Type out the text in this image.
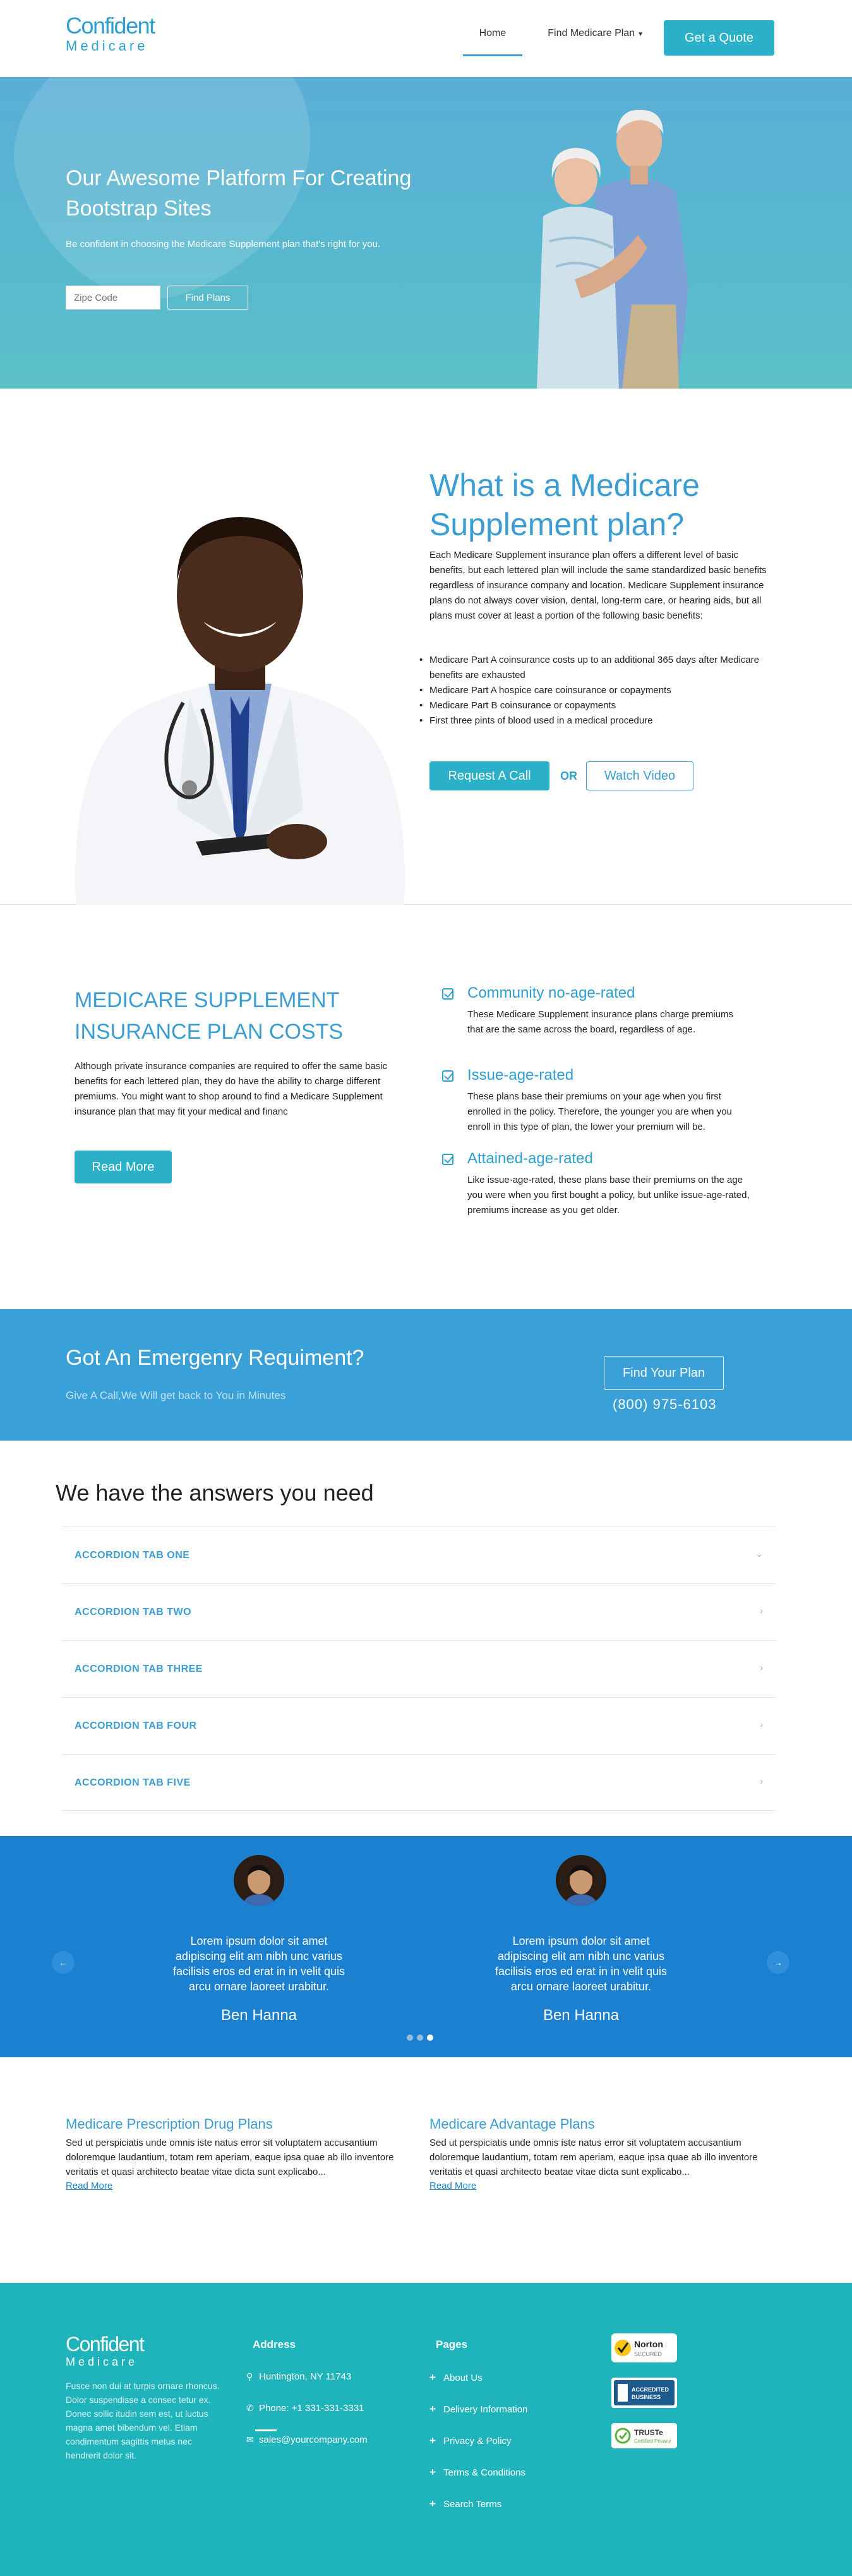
Confident
Medicare
Home	Find Medicare Plan ▼	Get a Quote
Our Awesome Platform For Creating Bootstrap Sites

Be confident in choosing the Medicare Supplement plan that's right for you.

Zipe Code
Find Plans
What is a Medicare Supplement plan?

Each Medicare Supplement insurance plan offers a different level of basic benefits, but each lettered plan will include the same standardized basic benefits regardless of insurance company and location. Medicare Supplement insurance plans do not always cover vision, dental, long-term care, or hearing aids, but all plans must cover at least a portion of the following basic benefits:

• Medicare Part A coinsurance costs up to an additional 365 days after Medicare benefits are exhausted
• Medicare Part A hospice care coinsurance or copayments
• Medicare Part B coinsurance or copayments
• First three pints of blood used in a medical procedure
Request A Call	OR	Watch Video
MEDICARE SUPPLEMENT INSURANCE PLAN COSTS

Although private insurance companies are required to offer the same basic benefits for each lettered plan, they do have the ability to charge different premiums. You might want to shop around to find a Medicare Supplement insurance plan that may fit your medical and financ

Read More
Community no-age-rated

These Medicare Supplement insurance plans charge premiums that are the same across the board, regardless of age.

Issue-age-rated

These plans base their premiums on your age when you first enrolled in the policy. Therefore, the younger you are when you enroll in this type of plan, the lower your premium will be.

Attained-age-rated

Like issue-age-rated, these plans base their premiums on the age you were when you first bought a policy, but unlike issue-age-rated, premiums increase as you get older.

Got An Emergenry Requiment?

Give A Call,We Will get back to You in Minutes

Find Your Plan
(800) 975-6103
We have the answers you need
ACCORDION TAB ONE	⌄
ACCORDION TAB TWO	›
ACCORDION TAB THREE	›
ACCORDION TAB FOUR	›
ACCORDION TAB FIVE	›
←	→

Lorem ipsum dolor sit amet adipiscing elit am nibh unc varius facilisis eros ed erat in in velit quis arcu ornare laoreet urabitur.

Ben Hanna

Lorem ipsum dolor sit amet adipiscing elit am nibh unc varius facilisis eros ed erat in in velit quis arcu ornare laoreet urabitur.

Ben Hanna

Medicare Prescription Drug Plans

Sed ut perspiciatis unde omnis iste natus error sit voluptatem accusantium doloremque laudantium, totam rem aperiam, eaque ipsa quae ab illo inventore veritatis et quasi architecto beatae vitae dicta sunt explicabo...

Read More
Medicare Advantage Plans

Sed ut perspiciatis unde omnis iste natus error sit voluptatem accusantium doloremque laudantium, totam rem aperiam, eaque ipsa quae ab illo inventore veritatis et quasi architecto beatae vitae dicta sunt explicabo...

Read More
Confident
Medicare

Fusce non dui at turpis ornare rhoncus. Dolor suspendisse a consec tetur ex. Donec sollic itudin sem est, ut luctus magna amet bibendum vel. Etiam condimentum sagittis metus nec hendrerit dolor sit.

Address
⚲ Huntington, NY 11743
✆ Phone: +1 331-331-3331
✉ sales@yourcompany.com
Pages
+ About Us
+ Delivery Information
+ Privacy & Policy
+ Terms & Conditions
+ Search Terms
Norton
SECURED
ACCREDITED
BUSINESS
TRUSTe
Certified Privacy
